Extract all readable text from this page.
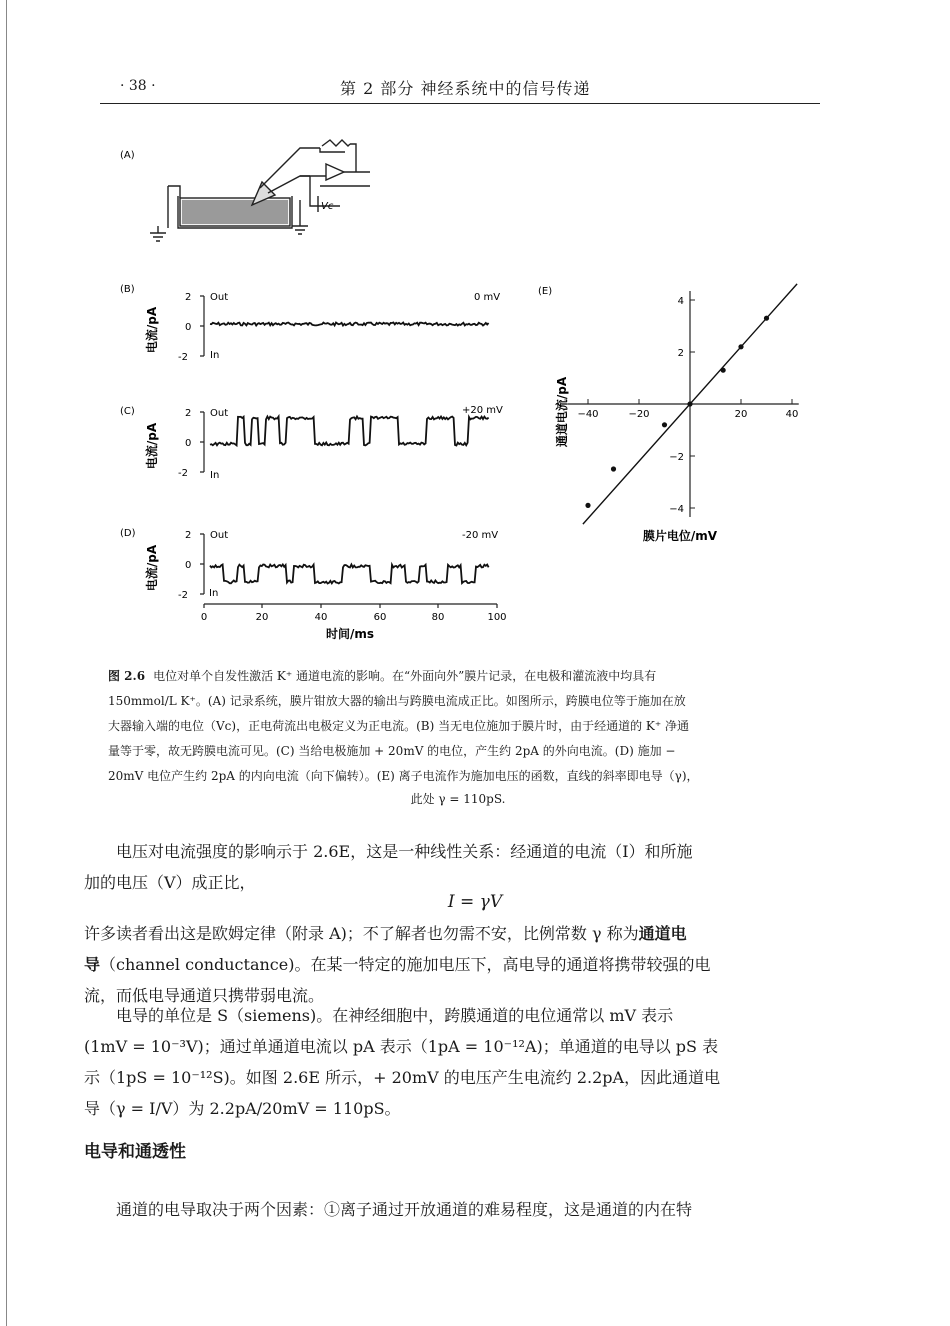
· 38 ·	第 2 部分 神经系统中的信号传递
(A)
Vc
(B)
2
0
-2
Out
In
0 mV
电流/pA
(C)	2
0
-2
Out
In
+20 mV
电流/pA
(D)	2
0
-2
Out
In
-20 mV
电流/pA
0	20	40	60	80	100
时间/ms
(E)
−40	−20	20	40
−4
−2
2
4
通道电流/pA
膜片电位/mV
图 2.6 电位对单个自发性激活 K⁺ 通道电流的影响。在“外面向外”膜片记录，在电极和灌流液中均具有
150mmol/L K⁺。(A) 记录系统，膜片钳放大器的输出与跨膜电流成正比。如图所示，跨膜电位等于施加在放
大器输入端的电位（Vc)，正电荷流出电极定义为正电流。(B) 当无电位施加于膜片时，由于经通道的 K⁺ 净通
量等于零，故无跨膜电流可见。(C) 当给电极施加 + 20mV 的电位，产生约 2pA 的外向电流。(D) 施加 −
20mV 电位产生约 2pA 的内向电流（向下偏转）。(E) 离子电流作为施加电压的函数，直线的斜率即电导（γ)，
此处 γ = 110pS.
电压对电流强度的影响示于 2.6E，这是一种线性关系：经通道的电流（I）和所施
加的电压（V）成正比，
I = γV
许多读者看出这是欧姆定律（附录 A)；不了解者也勿需不安，比例常数 γ 称为通道电
导（channel conductance)。在某一特定的施加电压下，高电导的通道将携带较强的电
流，而低电导通道只携带弱电流。
电导的单位是 S（siemens)。在神经细胞中，跨膜通道的电位通常以 mV 表示
(1mV = 10⁻³V)；通过单通道电流以 pA 表示（1pA = 10⁻¹²A)；单通道的电导以 pS 表
示（1pS = 10⁻¹²S)。如图 2.6E 所示，+ 20mV 的电压产生电流约 2.2pA，因此通道电
导（γ = I/V）为 2.2pA/20mV = 110pS。
电导和通透性
通道的电导取决于两个因素：①离子通过开放通道的难易程度，这是通道的内在特
